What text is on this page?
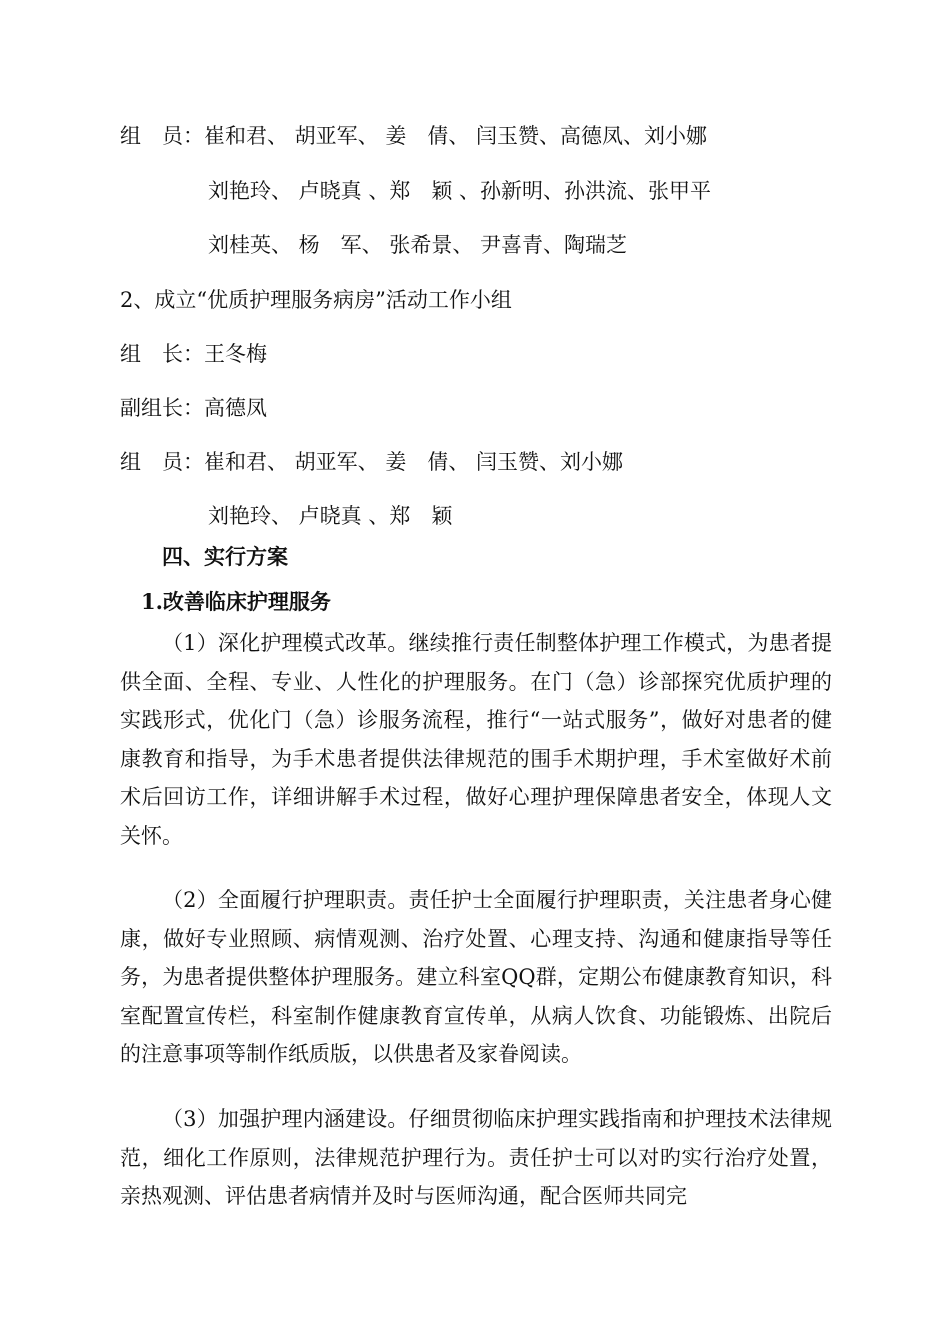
组　员：崔和君、 胡亚军、 姜　倩、 闫玉赞、高德凤、刘小娜

刘艳玲、 卢晓真 、郑　颖 、孙新明、孙洪流、张甲平

刘桂英、 杨　军、 张希景、 尹喜青、陶瑞芝

2、成立“优质护理服务病房”活动工作小组

组　长：王冬梅

副组长：高德凤

组　员：崔和君、 胡亚军、 姜　倩、 闫玉赞、刘小娜

刘艳玲、 卢晓真 、郑　颖

四、实行方案

1.改善临床护理服务

（1）深化护理模式改革。继续推行责任制整体护理工作模式，为患者提供全面、全程、专业、人性化的护理服务。在门（急）诊部探究优质护理的实践形式，优化门（急）诊服务流程，推行“一站式服务”，做好对患者的健康教育和指导，为手术患者提供法律规范的围手术期护理，手术室做好术前术后回访工作，详细讲解手术过程，做好心理护理保障患者安全，体现人文关怀。

（2）全面履行护理职责。责任护士全面履行护理职责，关注患者身心健康，做好专业照顾、病情观测、治疗处置、心理支持、沟通和健康指导等任务，为患者提供整体护理服务。建立科室QQ群，定期公布健康教育知识，科室配置宣传栏，科室制作健康教育宣传单，从病人饮食、功能锻炼、出院后的注意事项等制作纸质版，以供患者及家眷阅读。

（3）加强护理内涵建设。仔细贯彻临床护理实践指南和护理技术法律规范，细化工作原则，法律规范护理行为。责任护士可以对旳实行治疗处置，亲热观测、评估患者病情并及时与医师沟通，配合医师共同完
